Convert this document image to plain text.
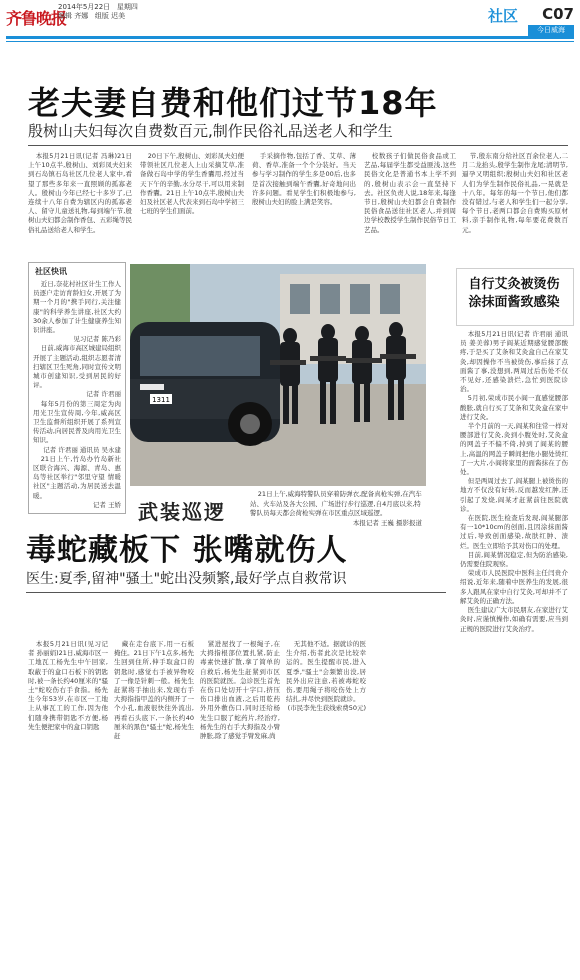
齐鲁晚报
2014年5月22日   星期四
编辑 齐娜   组版 迟美	社区 C07
今日威海
老夫妻自费和他们过节18年
殷树山夫妇每次自费数百元,制作民俗礼品送老人和学生
本报5月21日讯(记者 冯琳)21日上午10点半,殷树山、刘彩凤夫妇来到石岛镇石岛社区几位老人家中,看望了那些多年来一直照顾的孤寡老人。殷树山今年已经七十多岁了,已连续十八年自费为辖区内的孤寡老人、留守儿童送礼物,每到端午节,殷树山夫妇都会制作香包、五彩绳等民俗礼品送给老人和学生。
20日下午,殷树山、刘彩凤夫妇便带领社区几位老人上山采摘艾草,准备做石岛中学的学生香囊用,经过当天下午的辛勤,水分尽干,可以用来制作香囊。21日上午10点半,殷树山夫妇及社区老人代表来到石岛中学初三七班的学生们面前。
手采摘作物,包括了香、艾草、薄荷、香草,准备一个个分装好。当天参与学习制作的学生多是00后,也多是首次接触到端午香囊,好奇地问出许多问题。看见学生们积极地参与,殷树山夫妇的脸上满是笑容。
校数孩子们做民俗食品或工艺品,每届学生都受益匪浅,这些民俗文化是普通书本上学不到的,殷树山表示会一直坚持下去。社区负责人说,18年来,每逢节日,殷树山夫妇都会自费制作民俗食品送往社区老人,并到周边学校教授学生制作民俗节日工艺品。
节,殷东南分给社区百余位老人,二月二龙抬头,殷学生制作龙尾;清明节,逼孕又明组织;殷树山夫妇和社区老人们为学生制作民俗礼品,一晃就是十八年。每年的每一个节日,他们都没有错过,与老人和学生们一起分享,每个节日,老两口都会自费购买原材料,亲手制作礼物,每年要花费数百元。
社区快讯
近日,奈花村社区计生工作人员逐户走访育龄妇女,开展了为期一个月的"携手同行,关注健康"的科学养生讲座,社区大约30余人参加了计生健康养生知识讲座。
见习记者 陈乃彩
日前,威海市高区城建局组织开展了主题活动,组织志愿者清扫辖区卫生死角,同时宣传文明城市创建知识,受到居民的好评。
记者 许君丽
每年5月份的第三周定为肉用光卫生宣传周,今年,威高区卫生监督所组织开展了系列宣传活动,向居民普及肉用光卫生知识。
记者 许君丽 通讯员 吴永建
21日上午,竹岛办竹岛新社区联合海兴、海源、青岛、惠岛等社区举行"邻里守望 情暖社区"主题活动,为居民送去温暖。
记者 王娇
1311
武装巡逻
21日上午,威海特警队员穿着防弹衣,配备真枪实弹,在汽车站、火车站及各大公园、广场进行步行巡逻,自4月底以来,特警队员每天都会荷枪实弹在市区重点区域巡逻。

本报记者 王巍 摄影报道
毒蛇藏板下 张嘴就伤人
医生:夏季,留神"骚土"蛇出没频繁,最好学点自救常识
本报5月21日讯(见习记者 孙丽娟)21日,威海市区一工地瓦工杨先生中午回家,取蔽于的盒口石板下的钥匙时,被一条长约40厘米的"骚土"蛇咬伤右手食指。杨先生今年53岁,在市区一工地上从事瓦工的工作,因为他们随身携带钥匙不方便,杨先生便把家中的盒口钥匙
藏在走台底下,用一石板掩住。21日下午1点多,杨先生回到住所,伸手取盒口的钥匙时,感觉右手被异物咬了一像是针刺一般。杨先生赶紧将手抽出来,发现右手大拇指指甲盖的内侧开了一个小孔,血液很快往外流出,再看石头底下,一条长约40厘米的黑色"骚土"蛇,杨先生赶
紧进屋找了一根绳子,在大拇指根部位置扎紧,防止毒素快速扩散,拿了简单的自救后,杨先生赶紧到市区的医院就医。急诊医生首先在伤口处切开十字口,挤压伤口排出血液,之后用乾药外用外敷伤口,同时还给杨先生口服了蛇药片,经治疗,杨先生的右手大拇指及小臂肿胀,除了感觉手臂发麻,尚
无其他不适。据就诊的医生介绍,伤者此次是比较幸运的。医生提醒市民,进入夏季,"骚土"会频繁出没,居民外出应注意,若被毒蛇咬伤,要用绳子将咬伤处上方结扎,并尽快到医院就诊。
(市民李先生获线索费50元)
自行艾灸被烫伤
涂抹面酱致感染
本报5月21日讯(记者 许君丽 通讯员 姜美蓉)男子阎某近期感觉腰部酸疼,于是买了艾条和艾灸盒自己在家艾灸,却因操作不当被烫伤,事后抹了点面酱了事,没想到,两周过后伤处不仅不见好,还感染溃烂,急忙到医院诊治。
5月初,荣成市民小阎一直感觉腰部酸胀,就自行买了艾条和艾灸盒在家中进行艾灸。
半个月前的一天,阎某和往常一样对腰部进行艾灸,灸到小腹处时,艾灸盒的网盖子不偏不倚,掉到了阎某的腰上,高温的网盖子瞬间把他小腿处烫红了一大片,小阎将家里的面酱抹在了伤处。
但是两周过去了,阎某腿上被烫伤的地方不仅没有好转,反而越发红肿,还引起了发烧,阎某才赶紧前往医院就诊。
在医院,医生检查后发现,阎某腿部有一10*10cm的创面,且因涂抹面酱过后,导致创面感染,故肤红肿、溃烂。医生立即给予其对伤口的处理。
目前,阎某情况稳定,但为防治感染,仍需要住院观察。
荣成市人民医院中医科主任闫贵介绍说,近年来,随着中医养生的发展,很多人跟风在家中自行艾灸,可却并不了解艾灸的正确方法。
医生建议广大市民朋友,在家进行艾灸时,应谨慎操作,如确有需要,应当到正规的医院进行艾灸治疗。
